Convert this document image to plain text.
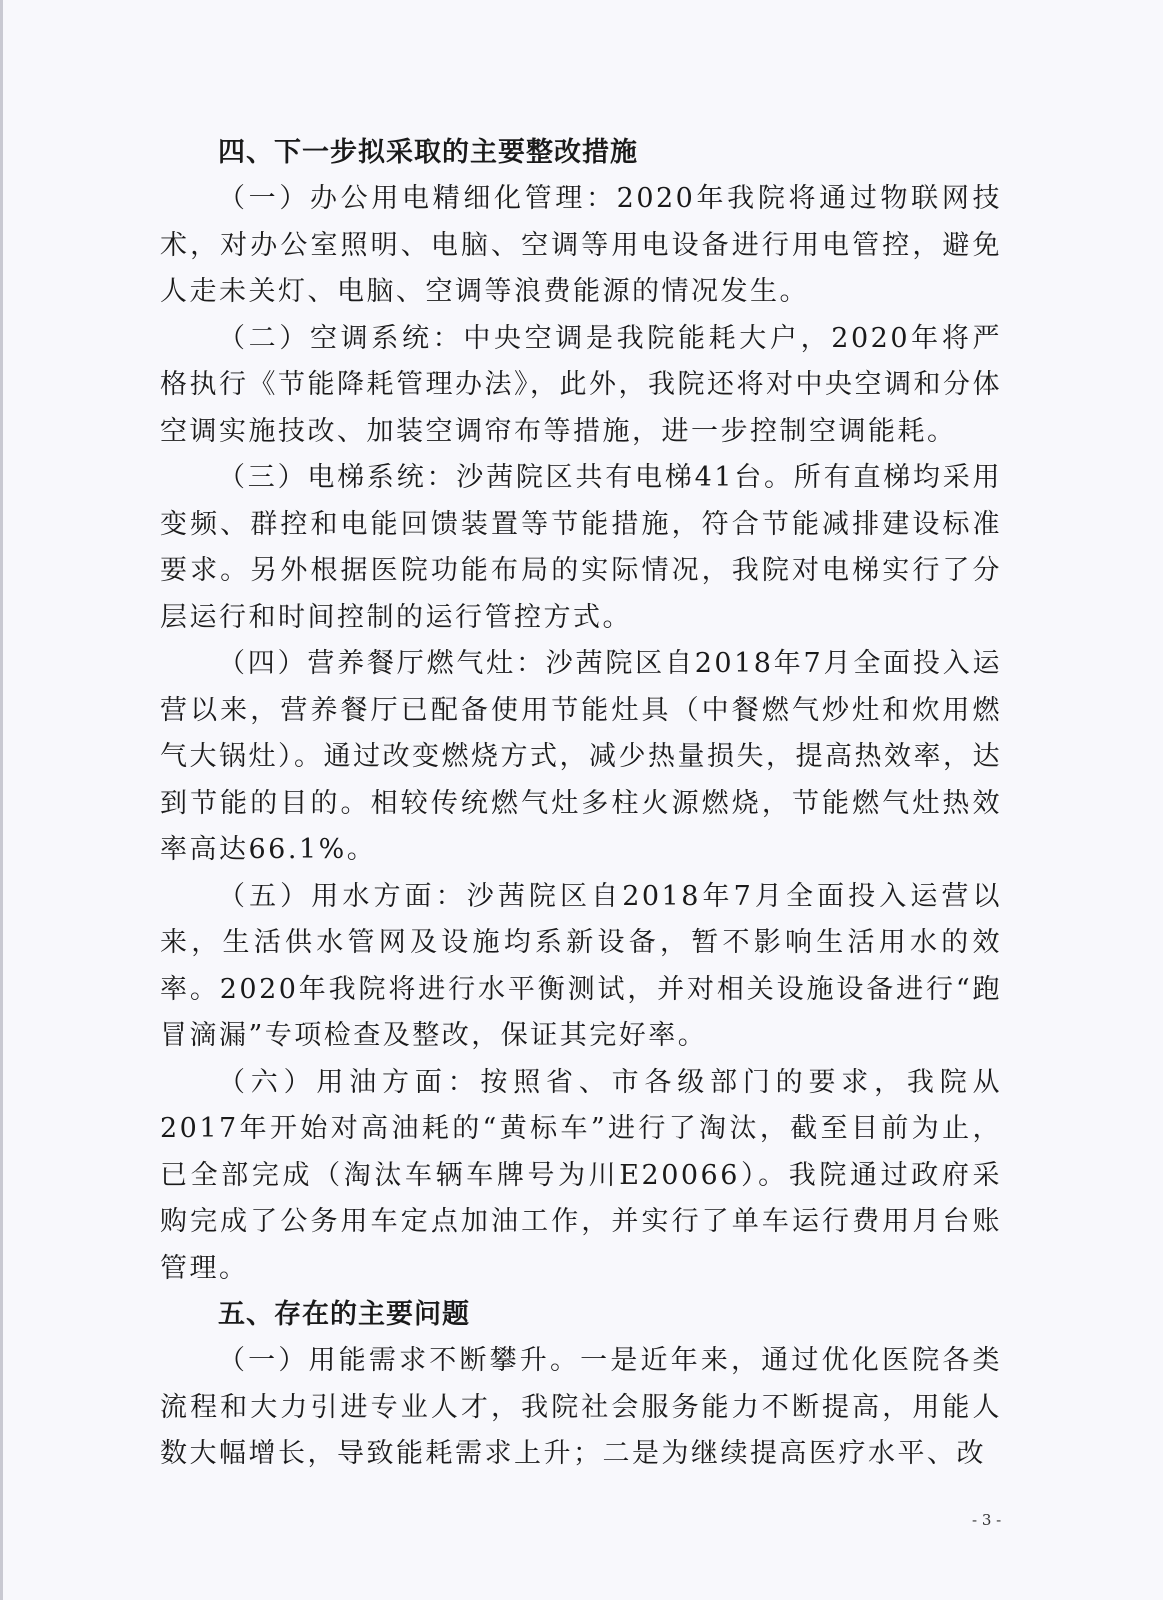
四、下一步拟采取的主要整改措施

（一）办公用电精细化管理：2020年我院将通过物联网技术，对办公室照明、电脑、空调等用电设备进行用电管控，避免人走未关灯、电脑、空调等浪费能源的情况发生。

（二）空调系统：中央空调是我院能耗大户，2020年将严格执行《节能降耗管理办法》，此外，我院还将对中央空调和分体空调实施技改、加装空调帘布等措施，进一步控制空调能耗。

（三）电梯系统：沙茜院区共有电梯41台。所有直梯均采用变频、群控和电能回馈装置等节能措施，符合节能减排建设标准要求。另外根据医院功能布局的实际情况，我院对电梯实行了分层运行和时间控制的运行管控方式。

（四）营养餐厅燃气灶：沙茜院区自2018年7月全面投入运营以来，营养餐厅已配备使用节能灶具（中餐燃气炒灶和炊用燃气大锅灶）。通过改变燃烧方式，减少热量损失，提高热效率，达到节能的目的。相较传统燃气灶多柱火源燃烧，节能燃气灶热效率高达66.1%。

（五）用水方面：沙茜院区自2018年7月全面投入运营以来，生活供水管网及设施均系新设备，暂不影响生活用水的效率。2020年我院将进行水平衡测试，并对相关设施设备进行“跑冒滴漏”专项检查及整改，保证其完好率。

（六）用油方面：按照省、市各级部门的要求，我院从2017年开始对高油耗的“黄标车”进行了淘汰，截至目前为止，已全部完成（淘汰车辆车牌号为川E20066）。我院通过政府采购完成了公务用车定点加油工作，并实行了单车运行费用月台账管理。

五、存在的主要问题

（一）用能需求不断攀升。一是近年来，通过优化医院各类流程和大力引进专业人才，我院社会服务能力不断提高，用能人数大幅增长，导致能耗需求上升；二是为继续提高医疗水平、改

- 3 -
